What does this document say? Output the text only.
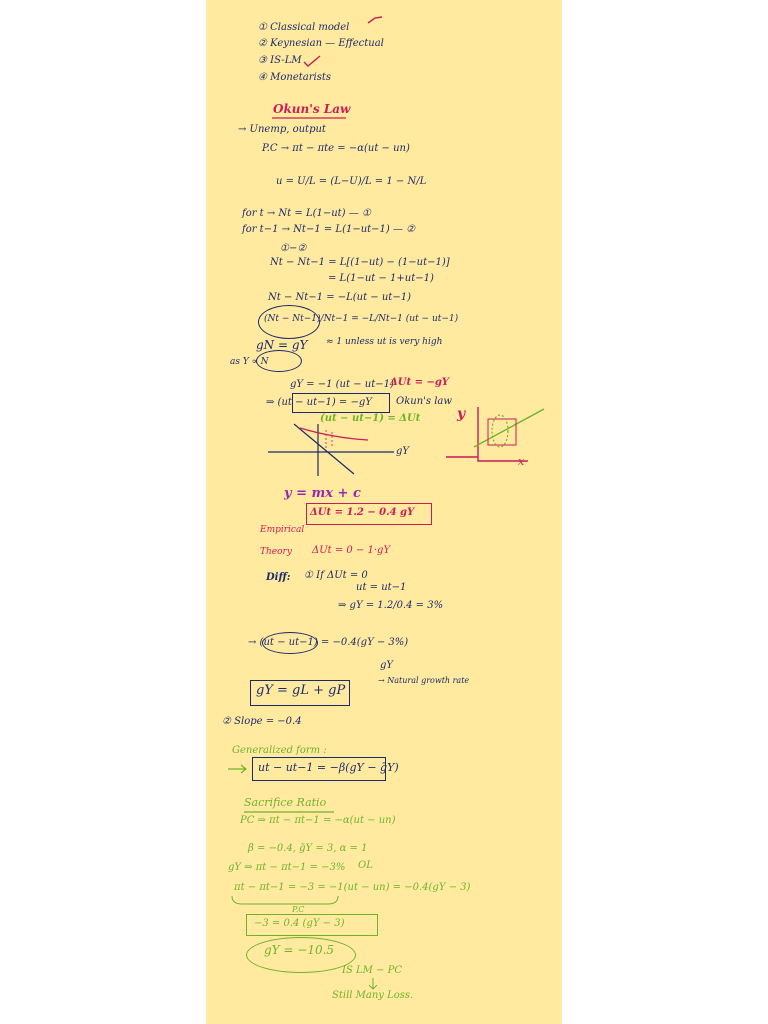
① Classical model
② Keynesian — Effectual
③ IS-LM
④ Monetarists
Okun's Law
→ Unemp, output
P.C → πt − πte = −α(ut − un)
u = U/L = (L−U)/L = 1 − N/L
for t → Nt = L(1−ut) — ①
for t−1 → Nt−1 = L(1−ut−1) — ②
①−②
Nt − Nt−1 = L[(1−ut) − (1−ut−1)]
= L(1−ut − 1+ut−1)
Nt − Nt−1 = −L(ut − ut−1)
(Nt − Nt−1)/Nt−1 = −L/Nt−1 (ut − ut−1)
≈ 1 unless ut is very high
gN = gY
as Y ∝ N
gY = −1 (ut − ut−1)
ΔUt = −gY
⇒ (ut − ut−1) = −gY Okun's law
(ut − ut−1) = ΔUt
gY
y
x
y = mx + c
ΔUt = 1.2 − 0.4 gY
Empirical
Theory ΔUt = 0 − 1·gY
Diff: ① If ΔUt = 0
ut = ut−1
⇒ gY = 1.2/0.4 = 3%
→ (ut − ut−1) = −0.4(gY − 3%)
gY
→ Natural growth rate
gY = gL + gP
② Slope = −0.4
Generalized form :
ut − ut−1 = −β(gY − ḡY)
Sacrifice Ratio
PC ⇒ πt − πt−1 = −α(ut − un)
β = −0.4, ḡY = 3, α = 1
gY ⇒ πt − πt−1 = −3% OL
πt − πt−1 = −3 = −1(ut − un) = −0.4(gY − 3)
P.C
−3 = 0.4 (gY − 3)
gY = −10.5
IS LM − PC
Still Many Loss.
